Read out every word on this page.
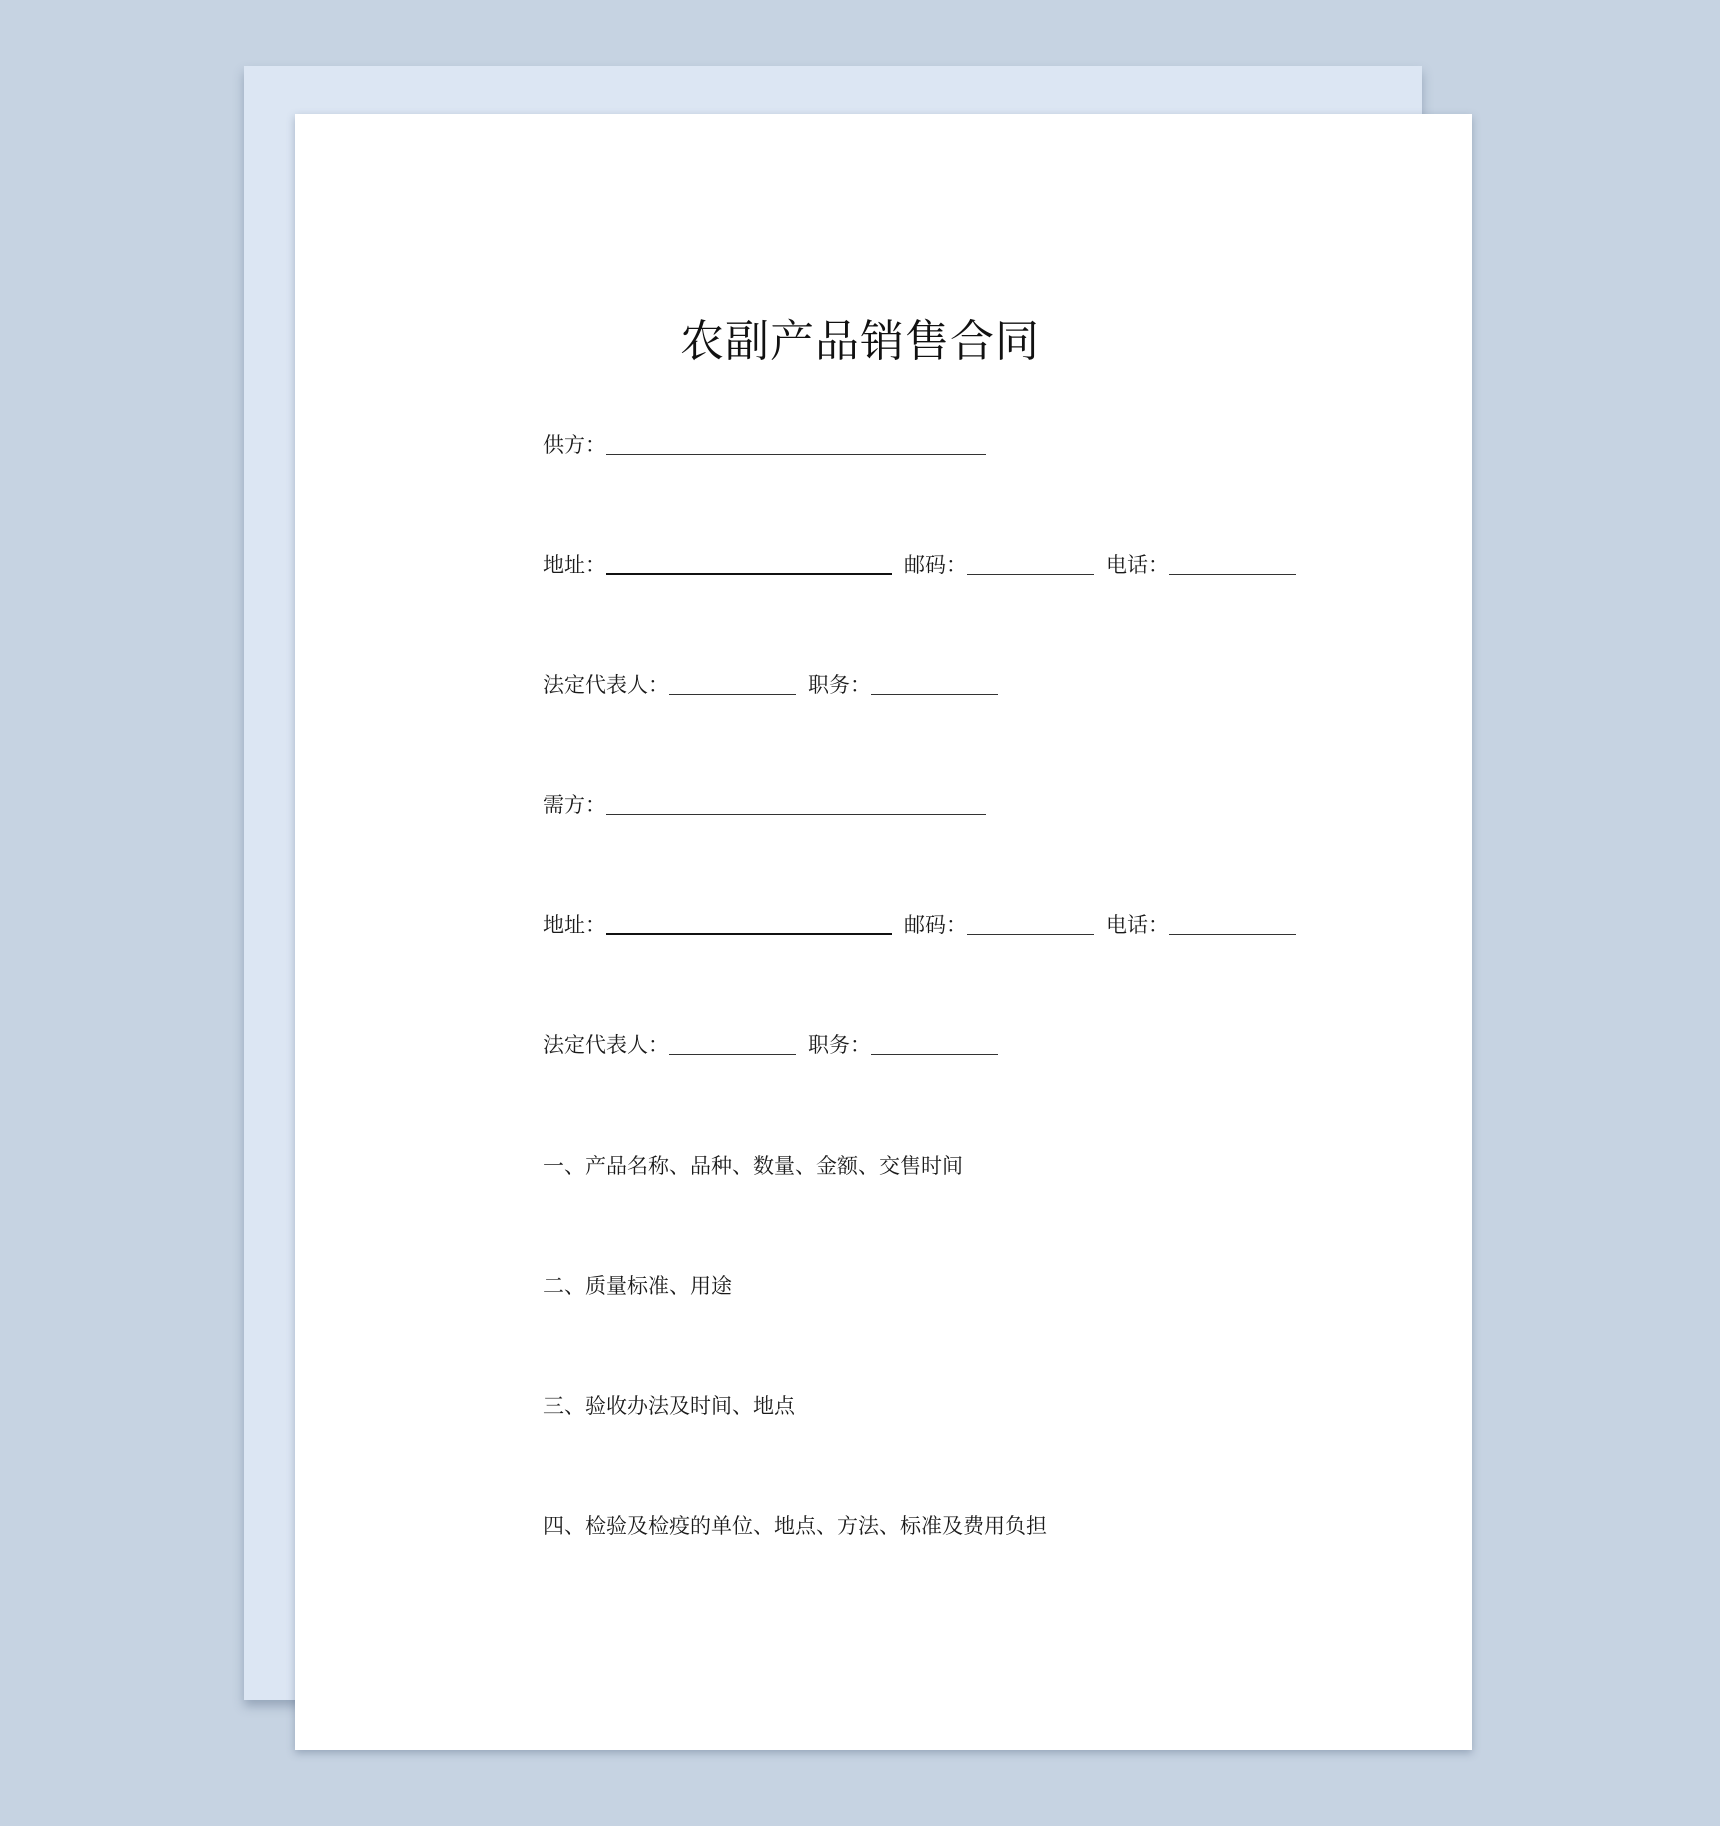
农副产品销售合同
供方：
地址：	邮码：	电话：
法定代表人：	职务：
需方：
地址：	邮码：	电话：
法定代表人：	职务：
一、产品名称、品种、数量、金额、交售时间
二、质量标准、用途
三、验收办法及时间、地点
四、检验及检疫的单位、地点、方法、标准及费用负担
